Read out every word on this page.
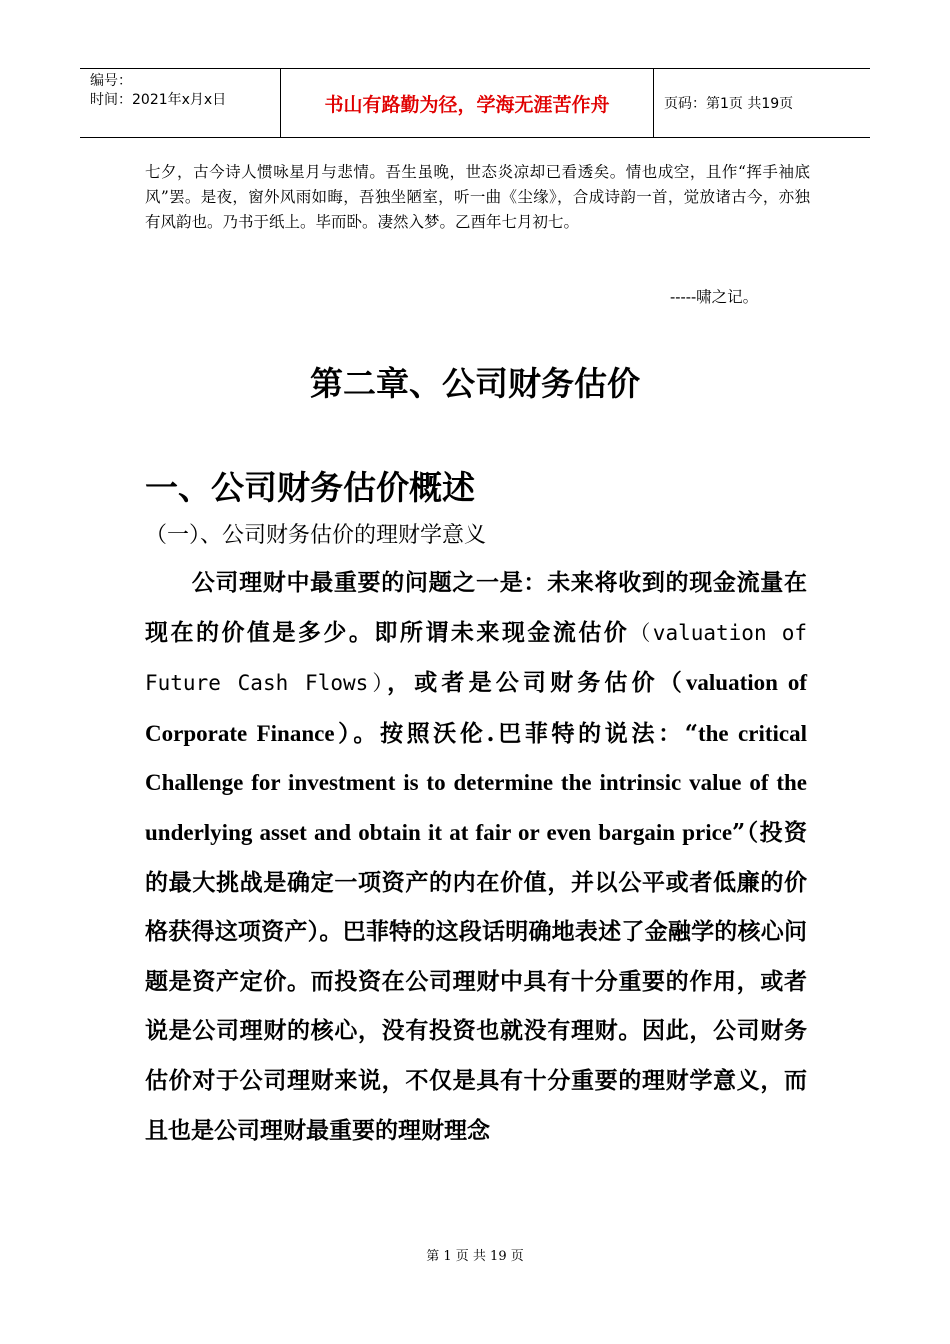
编号：
时间：2021年x月x日	书山有路勤为径，学海无涯苦作舟	页码：第1页 共19页
七夕，古今诗人惯咏星月与悲情。吾生虽晚，世态炎凉却已看透矣。情也成空，且作“挥手袖底风”罢。是夜，窗外风雨如晦，吾独坐陋室，听一曲《尘缘》，合成诗韵一首，觉放诸古今，亦独有风韵也。乃书于纸上。毕而卧。凄然入梦。乙酉年七月初七。
-----啸之记。
第二章、公司财务估价
一、公司财务估价概述
（一）、公司财务估价的理财学意义
公司理财中最重要的问题之一是：未来将收到的现金流量在现在的价值是多少。即所谓未来现金流估价（valuation of Future Cash Flows），或者是公司财务估价（valuation of Corporate Finance）。按照沃伦.巴菲特的说法：“the critical Challenge for investment is to determine the intrinsic value of the underlying asset and obtain it at fair or even bargain price”（投资的最大挑战是确定一项资产的内在价值，并以公平或者低廉的价格获得这项资产）。巴菲特的这段话明确地表述了金融学的核心问题是资产定价。而投资在公司理财中具有十分重要的作用，或者说是公司理财的核心，没有投资也就没有理财。因此，公司财务估价对于公司理财来说，不仅是具有十分重要的理财学意义，而且也是公司理财最重要的理财理念
第 1 页 共 19 页
